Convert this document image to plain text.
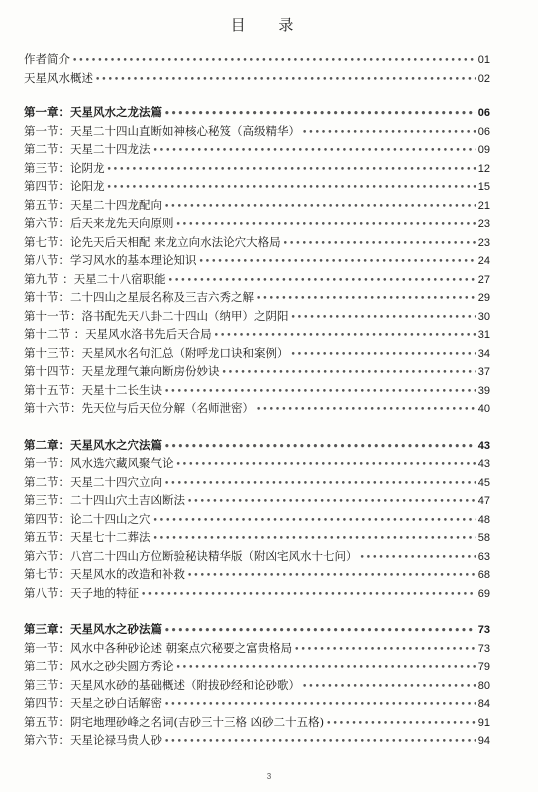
目 录
作者简介 •••••	01
天星风水概述 •••••	02
第一章：天星风水之龙法篇 •••••	06
第一节：天星二十四山直断如神核心秘笈（高级精华） •••••	06
第二节：天星二十四龙法 •••••	09
第三节：论阴龙 •••••	12
第四节：论阳龙 •••••	15
第五节：天星二十四龙配向 •••••	21
第六节：后天来龙先天向原则 •••••	23
第七节：论先天后天相配 来龙立向水法论穴大格局 •••••	23
第八节：学习风水的基本理论知识 •••••	24
第九节 ：天星二十八宿职能 •••••	27
第十节：二十四山之星辰名称及三吉六秀之解 •••••	29
第十一节：洛书配先天八卦二十四山（纳甲）之阴阳 •••••	30
第十二节 ：天星风水洛书先后天合局 •••••	31
第十三节：天星风水名句汇总（附呼龙口诀和案例） •••••	34
第十四节：天星龙理气兼向断房份妙诀 •••••	37
第十五节：天星十二长生诀 •••••	39
第十六节：先天位与后天位分解（名师泄密） •••••	40
第二章：天星风水之穴法篇 •••••	43
第一节：风水选穴藏风聚气论 •••••	43
第二节：天星二十四穴立向 •••••	45
第三节：二十四山穴土吉凶断法 •••••	47
第四节：论二十四山之穴 •••••	48
第五节：天星七十二葬法 •••••	58
第六节：八宫二十四山方位断验秘诀精华版（附凶宅风水十七问） •••••	63
第七节：天星风水的改造和补救 •••••	68
第八节：天子地的特征 •••••	69
第三章：天星风水之砂法篇 •••••	73
第一节：风水中各种砂论述 朝案点穴秘要之富贵格局 •••••	73
第二节：风水之砂尖圆方秀论 •••••	79
第三节：天星风水砂的基础概述（附拔砂经和论砂歌） •••••	80
第四节：天星之砂白话解密 •••••	84
第五节：阴宅地理砂峰之名词(吉砂三十三格 凶砂二十五格) •••••	91
第六节：天星论禄马贵人砂 •••••	94
3
